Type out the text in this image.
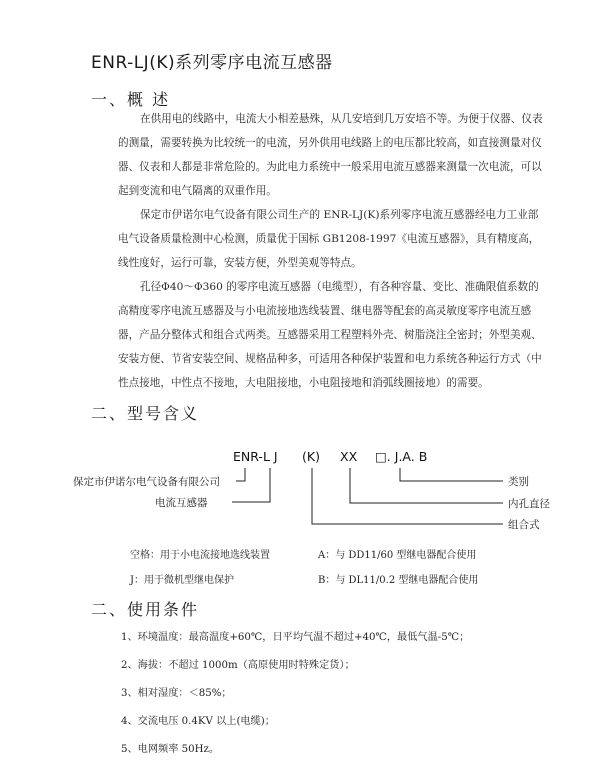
ENR-LJ(K)系列零序电流互感器
一、概 述
在供用电的线路中，电流大小相差悬殊，从几安培到几万安培不等。为便于仪器、仪表的测量，需要转换为比较统一的电流，另外供用电线路上的电压都比较高，如直接测量对仪器、仪表和人都是非常危险的。为此电力系统中一般采用电流互感器来测量一次电流，可以起到变流和电气隔离的双重作用。
保定市伊诺尔电气设备有限公司生产的 ENR-LJ(K)系列零序电流互感器经电力工业部电气设备质量检测中心检测，质量优于国标 GB1208-1997《电流互感器》，具有精度高，线性度好，运行可靠，安装方便，外型美观等特点。
孔径Φ40～Φ360 的零序电流互感器（电缆型），有各种容量、变比、准确限值系数的高精度零序电流互感器及与小电流接地选线装置、继电器等配套的高灵敏度零序电流互感器，产品分整体式和组合式两类。互感器采用工程塑料外壳、树脂浇注全密封；外型美观、安装方便、节省安装空间、规格品种多，可适用各种保护装置和电力系统各种运行方式（中性点接地，中性点不接地，大电阻接地，小电阻接地和消弧线圈接地）的需要。
二、型号含义
ENR-L J (K) XX □. J.A. B
保定市伊诺尔电气设备有限公司
电流互感器
类别
内孔直径
组合式
空格：用于小电流接地选线装置	A：与 DD11/60 型继电器配合使用
J：用于微机型继电保护	B：与 DL11/0.2 型继电器配合使用
二、使用条件
1、环境温度：最高温度+60℃，日平均气温不超过+40℃，最低气温-5℃；
2、海拔：不超过 1000m（高原使用时特殊定货）；
3、相对湿度：＜85%；
4、交流电压 0.4KV 以上(电缆)；
5、电网频率 50Hz。
